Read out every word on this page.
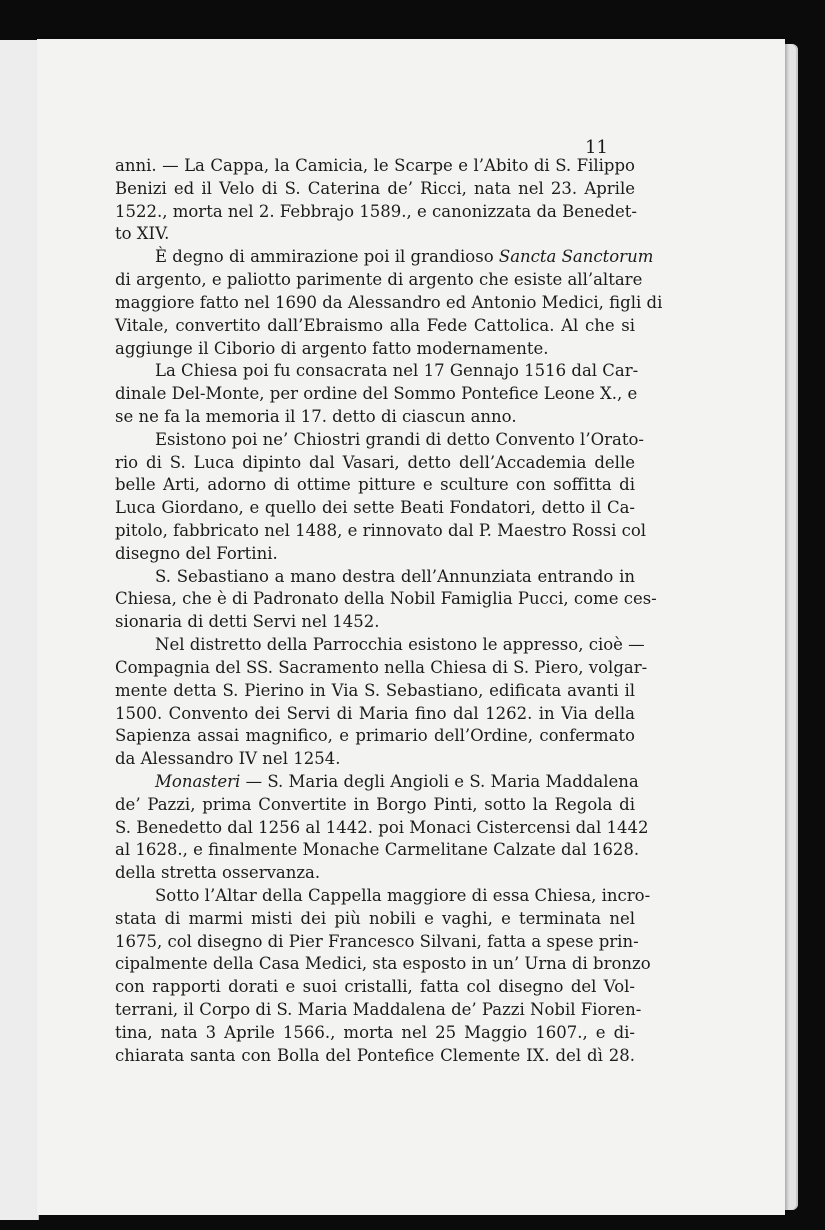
11
anni. — La Cappa, la Camicia, le Scarpe e l’Abito di S. Filippo
Benizi ed il Velo di S. Caterina de’ Ricci, nata nel 23. Aprile
1522., morta nel 2. Febbrajo 1589., e canonizzata da Benedet-
to XIV.
È degno di ammirazione poi il grandioso Sancta Sanctorum
di argento, e paliotto parimente di argento che esiste all’altare
maggiore fatto nel 1690 da Alessandro ed Antonio Medici, figli di
Vitale, convertito dall’Ebraismo alla Fede Cattolica. Al che si
aggiunge il Ciborio di argento fatto modernamente.
La Chiesa poi fu consacrata nel 17 Gennajo 1516 dal Car-
dinale Del-Monte, per ordine del Sommo Pontefice Leone X., e
se ne fa la memoria il 17. detto di ciascun anno.
Esistono poi ne’ Chiostri grandi di detto Convento l’Orato-
rio di S. Luca dipinto dal Vasari, detto dell’Accademia delle
belle Arti, adorno di ottime pitture e sculture con soffitta di
Luca Giordano, e quello dei sette Beati Fondatori, detto il Ca-
pitolo, fabbricato nel 1488, e rinnovato dal P. Maestro Rossi col
disegno del Fortini.
S. Sebastiano a mano destra dell’Annunziata entrando in
Chiesa, che è di Padronato della Nobil Famiglia Pucci, come ces-
sionaria di detti Servi nel 1452.
Nel distretto della Parrocchia esistono le appresso, cioè —
Compagnia del SS. Sacramento nella Chiesa di S. Piero, volgar-
mente detta S. Pierino in Via S. Sebastiano, edificata avanti il
1500. Convento dei Servi di Maria fino dal 1262. in Via della
Sapienza assai magnifico, e primario dell’Ordine, confermato
da Alessandro IV nel 1254.
Monasteri — S. Maria degli Angioli e S. Maria Maddalena
de’ Pazzi, prima Convertite in Borgo Pinti, sotto la Regola di
S. Benedetto dal 1256 al 1442. poi Monaci Cistercensi dal 1442
al 1628., e finalmente Monache Carmelitane Calzate dal 1628.
della stretta osservanza.
Sotto l’Altar della Cappella maggiore di essa Chiesa, incro-
stata di marmi misti dei più nobili e vaghi, e terminata nel
1675, col disegno di Pier Francesco Silvani, fatta a spese prin-
cipalmente della Casa Medici, sta esposto in un’ Urna di bronzo
con rapporti dorati e suoi cristalli, fatta col disegno del Vol-
terrani, il Corpo di S. Maria Maddalena de’ Pazzi Nobil Fioren-
tina, nata 3 Aprile 1566., morta nel 25 Maggio 1607., e di-
chiarata santa con Bolla del Pontefice Clemente IX. del dì 28.
